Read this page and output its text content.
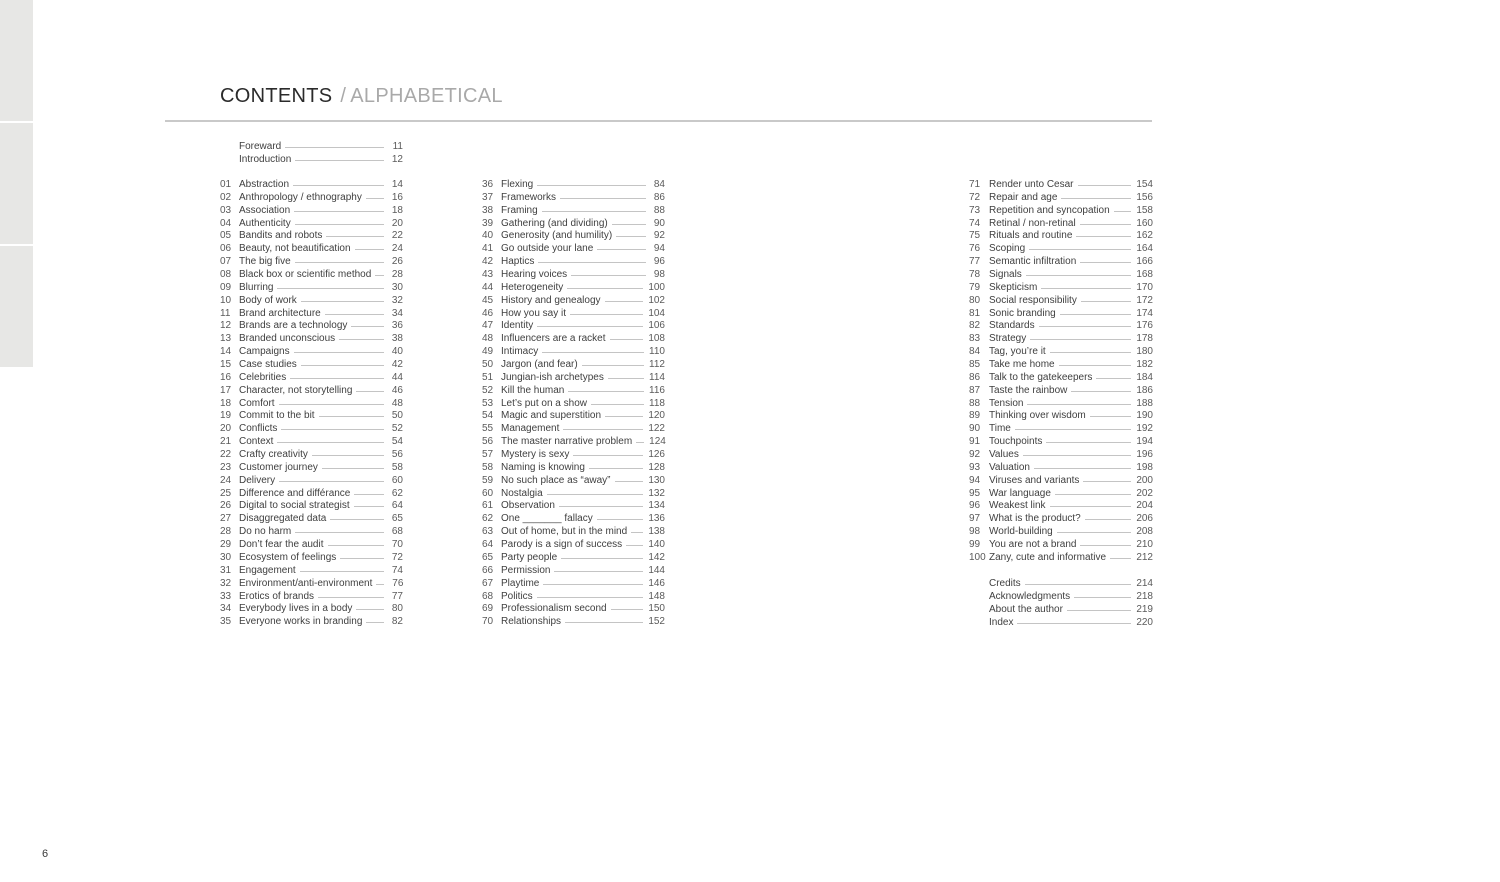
CONTENTS / ALPHABETICAL
Foreward	11
Introduction	12
01 Abstraction	14
02 Anthropology / ethnography	16
03 Association	18
04 Authenticity	20
05 Bandits and robots	22
06 Beauty, not beautification	24
07 The big five	26
08 Black box or scientific method 28
09 Blurring	30
10 Body of work	32
11 Brand architecture	34
12 Brands are a technology	36
13 Branded unconscious	38
14 Campaigns	40
15 Case studies	42
16 Celebrities	44
17 Character, not storytelling	46
18 Comfort	48
19 Commit to the bit	50
20 Conflicts	52
21 Context	54
22 Crafty creativity	56
23 Customer journey	58
24 Delivery	60
25 Difference and différance	62
26 Digital to social strategist	64
27 Disaggregated data	65
28 Do no harm	68
29 Don’t fear the audit	70
30 Ecosystem of feelings	72
31 Engagement	74
32 Environment/anti-environment 76
33 Erotics of brands	77
34 Everybody lives in a body	80
35 Everyone works in branding	82
36 Flexing	84
37 Frameworks	86
38 Framing	88
39 Gathering (and dividing)	90
40 Generosity (and humility)	92
41 Go outside your lane	94
42 Haptics	96
43 Hearing voices	98
44 Heterogeneity	100
45 History and genealogy	102
46 How you say it	104
47 Identity	106
48 Influencers are a racket	108
49 Intimacy	110
50 Jargon (and fear)	112
51 Jungian-ish archetypes	114
52 Kill the human	116
53 Let’s put on a show	118
54 Magic and superstition	120
55 Management	122
56 The master narrative problem 124
57 Mystery is sexy	126
58 Naming is knowing	128
59 No such place as “away”	130
60 Nostalgia	132
61 Observation	134
62 One _______ fallacy	136
63 Out of home, but in the mind 138
64 Parody is a sign of success	140
65 Party people	142
66 Permission	144
67 Playtime	146
68 Politics	148
69 Professionalism second	150
70 Relationships	152
71 Render unto Cesar	154
72 Repair and age	156
73 Repetition and syncopation	158
74 Retinal / non-retinal	160
75 Rituals and routine	162
76 Scoping	164
77 Semantic infiltration	166
78 Signals	168
79 Skepticism	170
80 Social responsibility	172
81 Sonic branding	174
82 Standards	176
83 Strategy	178
84 Tag, you’re it	180
85 Take me home	182
86 Talk to the gatekeepers	184
87 Taste the rainbow	186
88 Tension	188
89 Thinking over wisdom	190
90 Time	192
91 Touchpoints	194
92 Values	196
93 Valuation	198
94 Viruses and variants	200
95 War language	202
96 Weakest link	204
97 What is the product?	206
98 World-building	208
99 You are not a brand	210
100 Zany, cute and informative	212
Credits	214
Acknowledgments	218
About the author	219
Index	220
6
